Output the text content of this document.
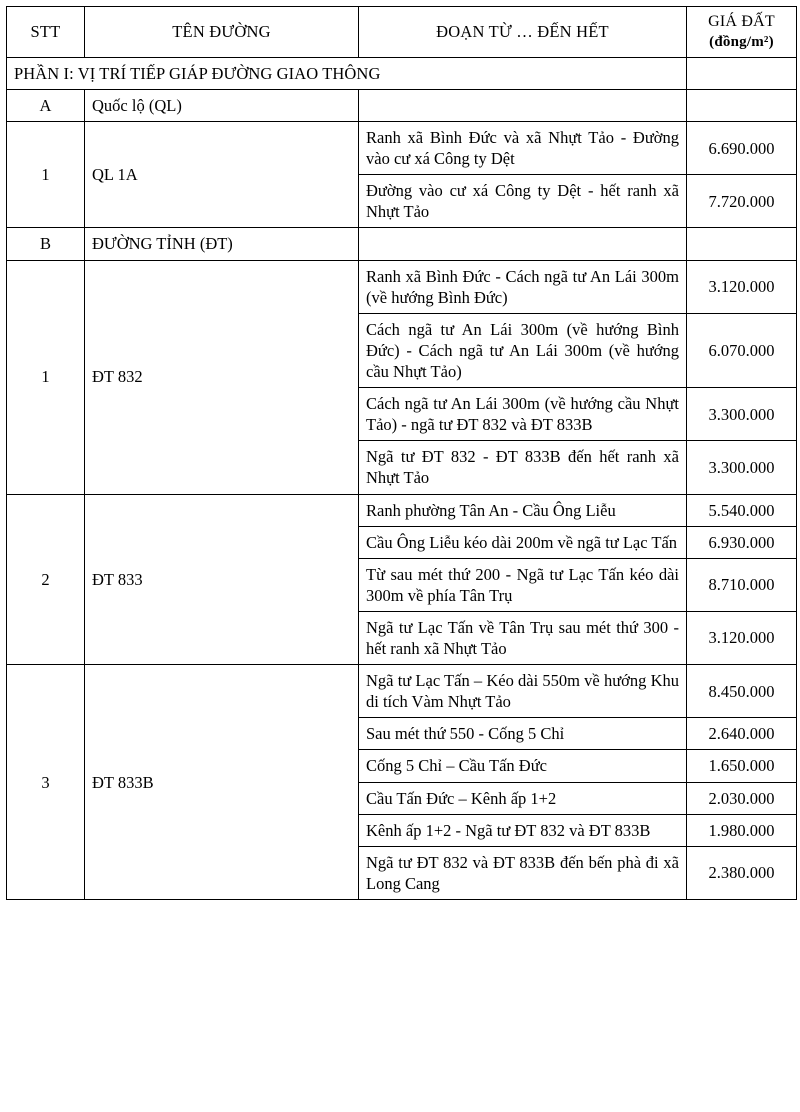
STT	TÊN ĐƯỜNG	ĐOẠN TỪ … ĐẾN HẾT	GIÁ ĐẤT
(đồng/m²)

PHẦN I: VỊ TRÍ TIẾP GIÁP ĐƯỜNG GIAO THÔNG			
A	Quốc lộ (QL)		
1	QL 1A	Ranh xã Bình Đức và xã Nhựt Tảo - Đường vào cư xá Công ty Dệt	6.690.000
		Đường vào cư xá Công ty Dệt - hết ranh xã Nhựt Tảo	7.720.000
B	ĐƯỜNG TỈNH (ĐT)		
1	ĐT 832	Ranh xã Bình Đức - Cách ngã tư An Lái 300m (về hướng Bình Đức)	3.120.000
		Cách ngã tư An Lái 300m (về hướng Bình Đức) - Cách ngã tư An Lái 300m (về hướng cầu Nhựt Tảo)	6.070.000
		Cách ngã tư An Lái 300m (về hướng cầu Nhựt Tảo) - ngã tư ĐT 832 và ĐT 833B	3.300.000
		Ngã tư ĐT 832 - ĐT 833B đến hết ranh xã Nhựt Tảo	3.300.000
2	ĐT 833	Ranh phường Tân An - Cầu Ông Liễu	5.540.000
		Cầu Ông Liễu kéo dài 200m về ngã tư Lạc Tấn	6.930.000
		Từ sau mét thứ 200 - Ngã tư Lạc Tấn kéo dài 300m về phía Tân Trụ	8.710.000
		Ngã tư Lạc Tấn về Tân Trụ sau mét thứ 300 - hết ranh xã Nhựt Tảo	3.120.000
3	ĐT 833B	Ngã tư Lạc Tấn – Kéo dài 550m về hướng Khu di tích Vàm Nhựt Tảo	8.450.000
		Sau mét thứ 550 - Cống 5 Chỉ	2.640.000
		Cống 5 Chỉ – Cầu Tấn Đức	1.650.000
		Cầu Tấn Đức – Kênh ấp 1+2	2.030.000
		Kênh ấp 1+2 - Ngã tư ĐT 832 và ĐT 833B	1.980.000
		Ngã tư ĐT 832 và ĐT 833B đến bến phà đi xã Long Cang	2.380.000
